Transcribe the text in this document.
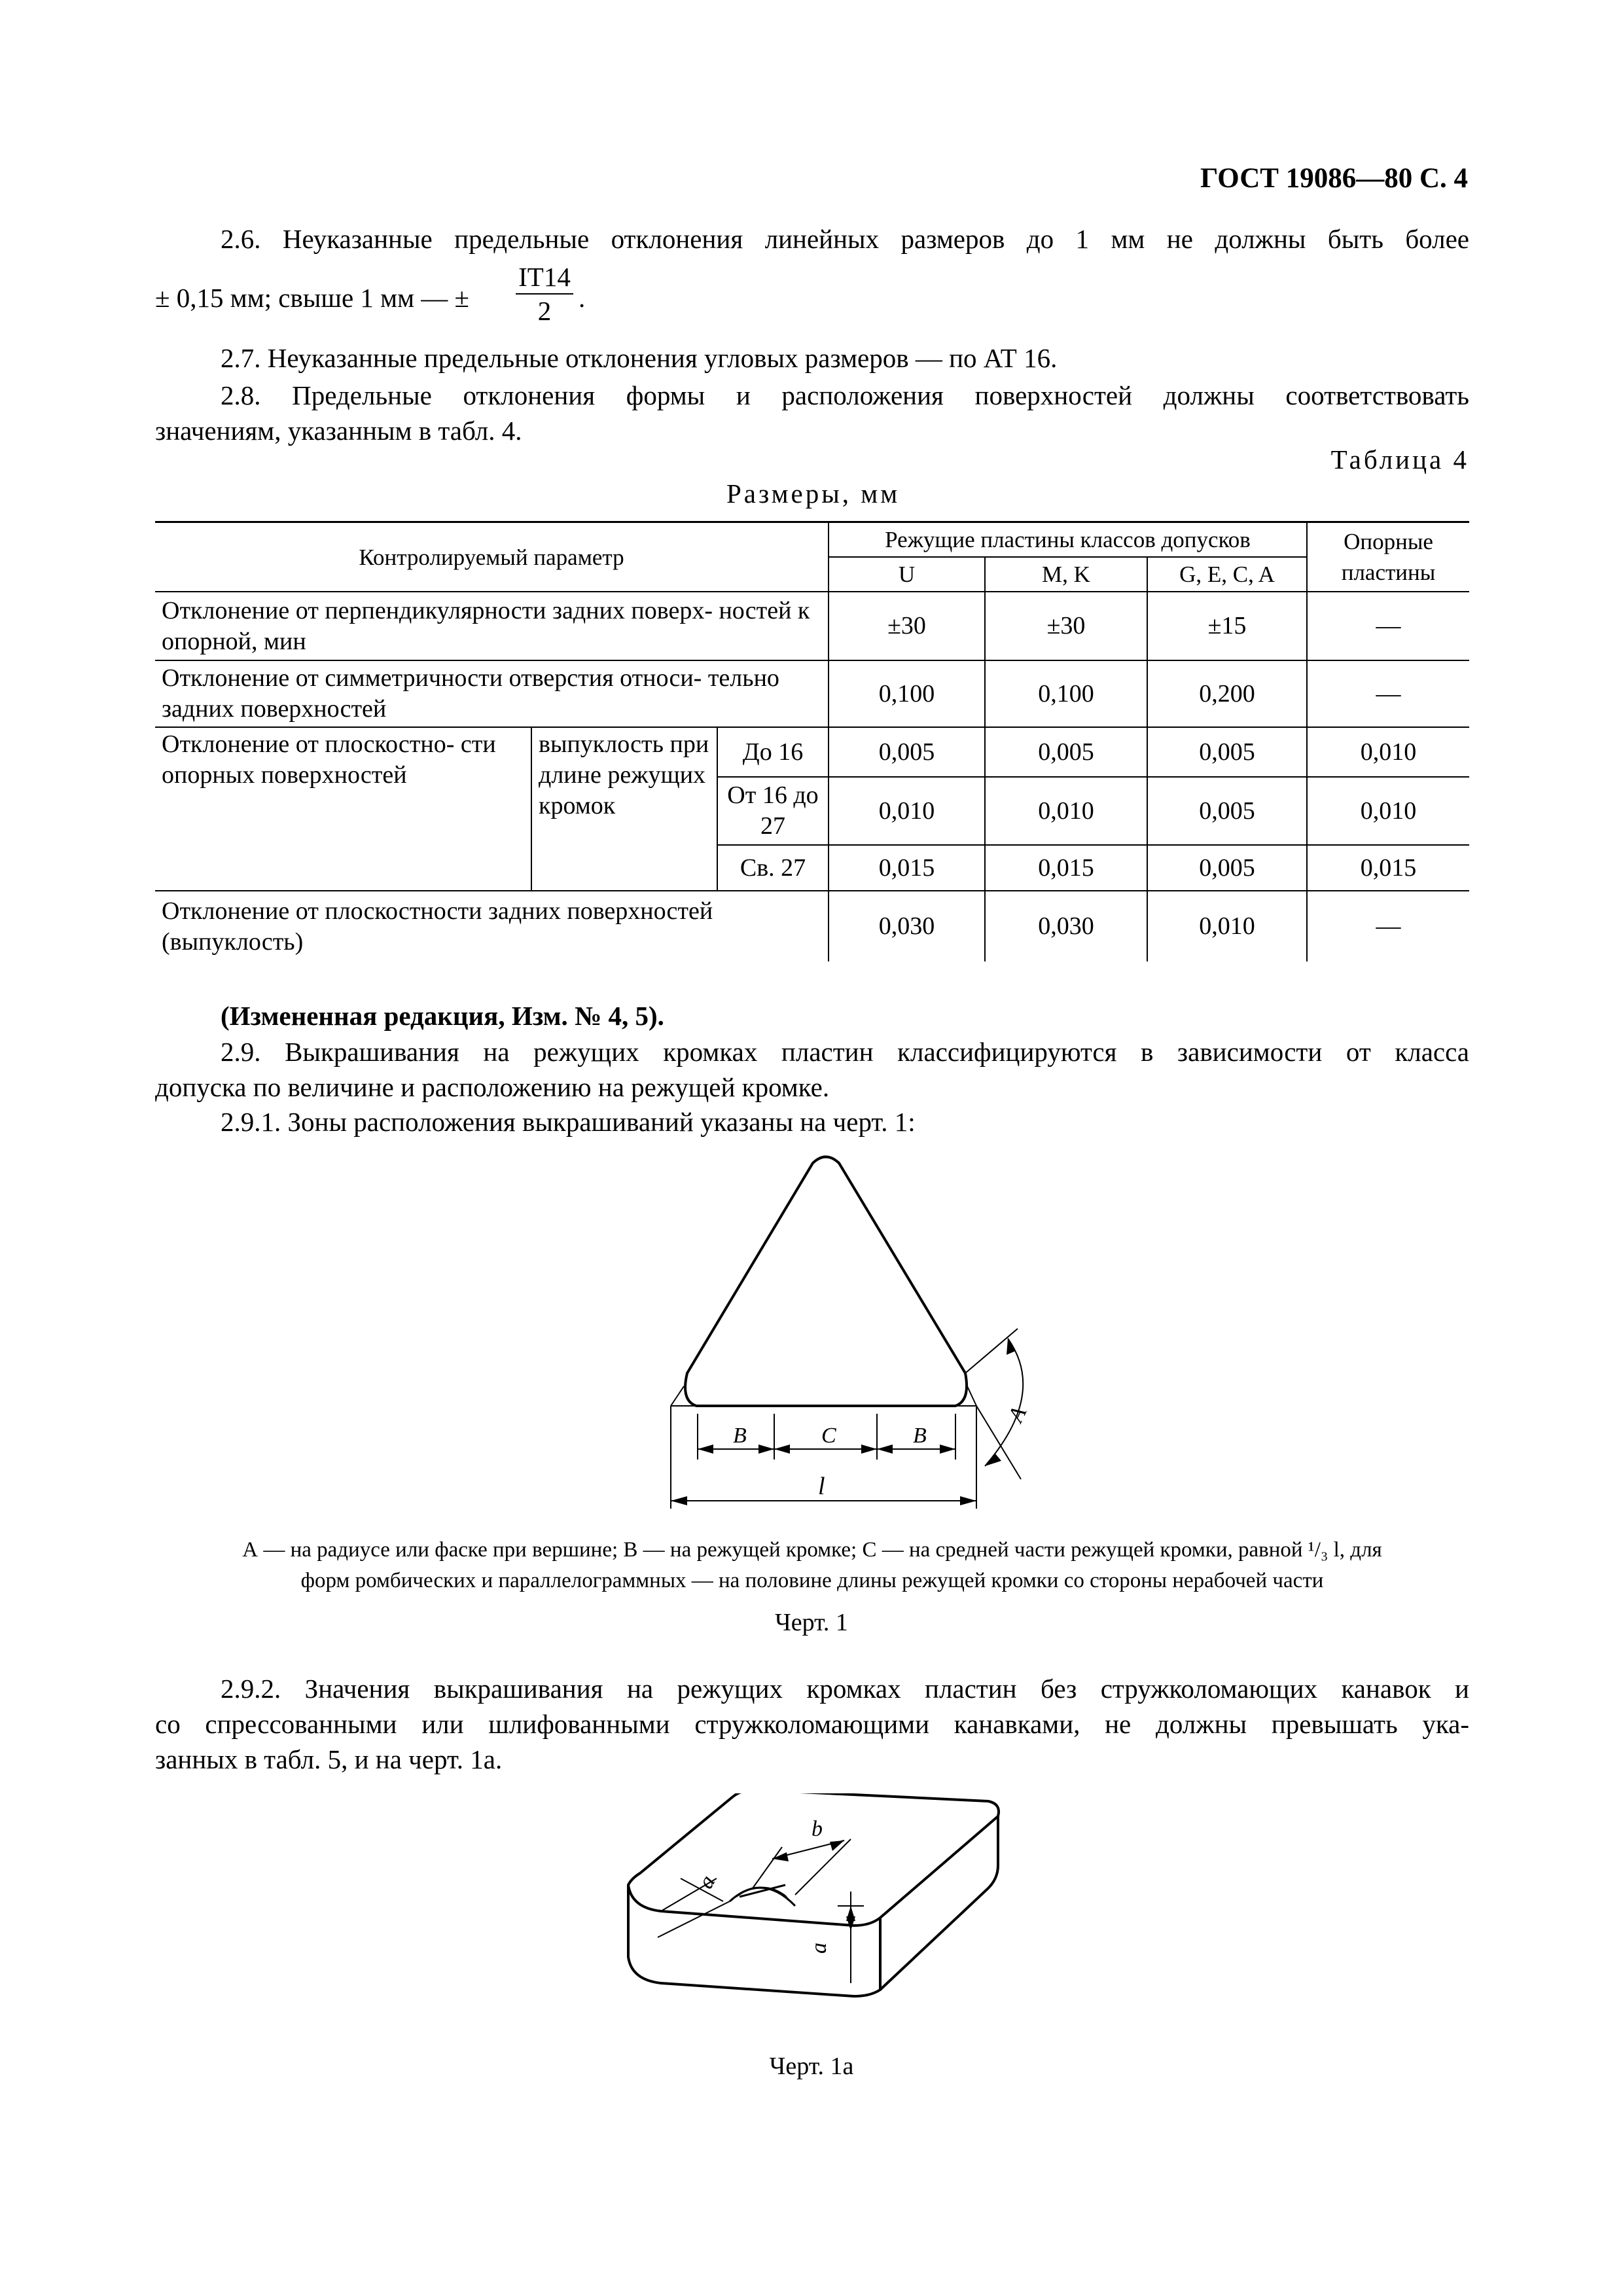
ГОСТ 19086—80 С. 4
2.6. Неуказанные предельные отклонения линейных размеров до 1 мм не должны быть более
± 0,15 мм; свыше 1 мм — ± $\frac{IT14}{2}$ .
2.7. Неуказанные предельные отклонения угловых размеров — по АТ 16.
2.8. Предельные отклонения формы и расположения поверхностей должны соответствовать
значениям, указанным в табл. 4.
Таблица 4
Размеры, мм
Контролируемый параметр			Режущие пластины классов допусков			Опорные пластины
			U	M, K	G, E, C, A	
Отклонение от перпендикулярности задних поверх- ностей к опорной, мин			±30	±30	±15	—
Отклонение от симметричности отверстия относи- тельно задних поверхностей			0,100	0,100	0,200	—
Отклонение от плоскостно- сти опорных поверхностей	выпуклость при длине режущих кромок	До 16	0,005	0,005	0,005	0,010
		От 16 до 27	0,010	0,010	0,005	0,010
		Св. 27	0,015	0,015	0,005	0,015
Отклонение от плоскостности задних поверхностей (выпуклость)			0,030	0,030	0,010	—
(Измененная редакция, Изм. № 4, 5).
2.9. Выкрашивания на режущих кромках пластин классифицируются в зависимости от класса
допуска по величине и расположению на режущей кромке.
2.9.1. Зоны расположения выкрашиваний указаны на черт. 1:
B	C	B
l
A
А — на радиусе или фаске при вершине; В — на режущей кромке; С — на средней части режущей кромки, равной ¹/₃ l, для
форм ромбических и параллелограммных — на половине длины режущей кромки со стороны нерабочей части
Черт. 1
2.9.2. Значения выкрашивания на режущих кромках пластин без стружколомающих канавок и
со спрессованными или шлифованными стружколомающими канавками, не должны превышать ука-
занных в табл. 5, и на черт. 1а.
a
b
a
Черт. 1а
